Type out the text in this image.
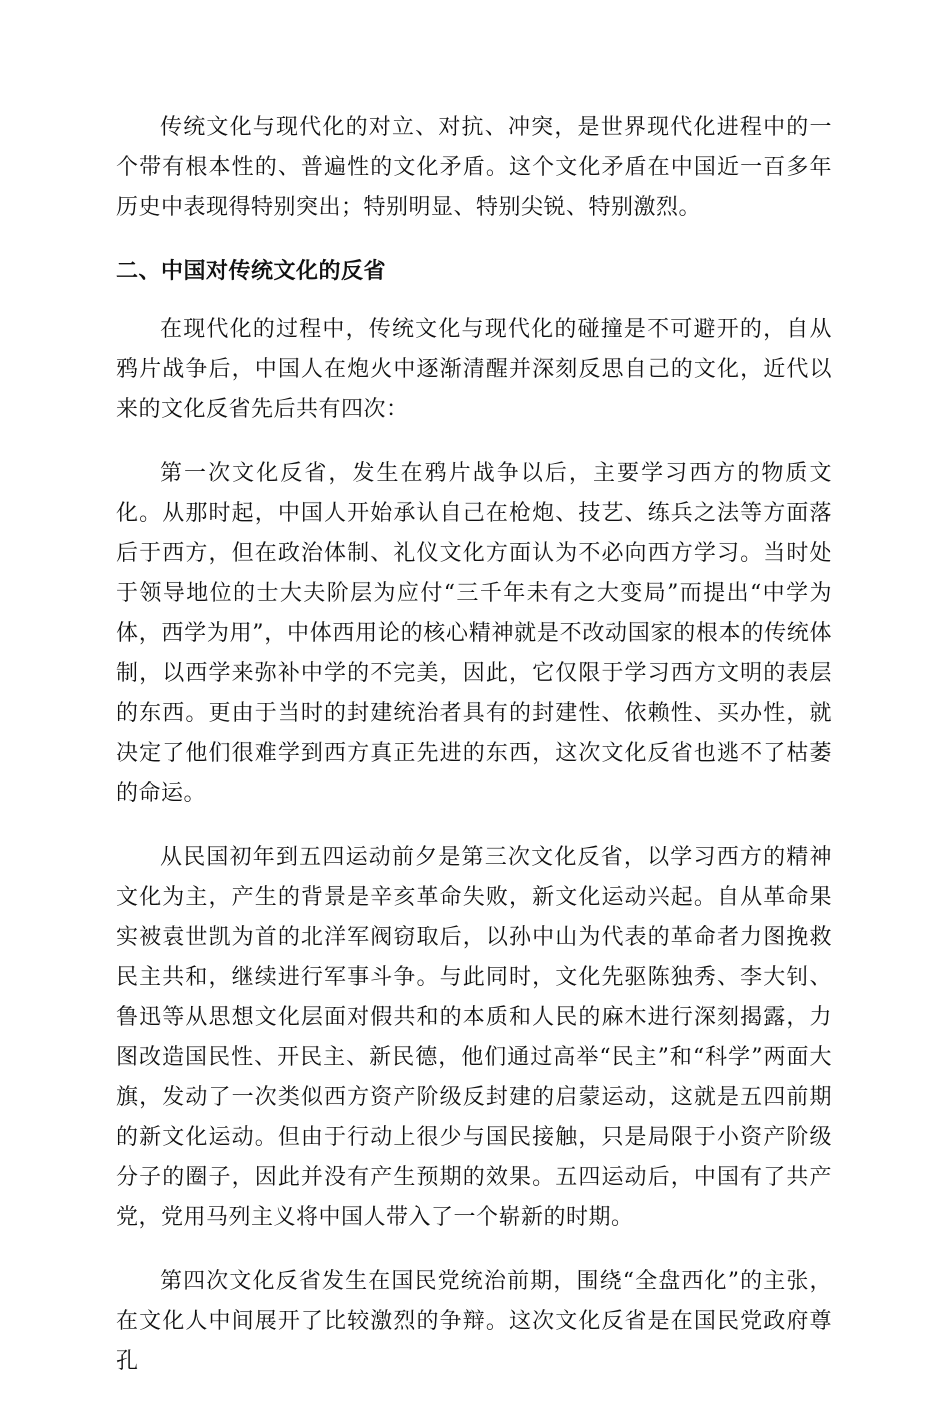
传统文化与现代化的对立、对抗、冲突，是世界现代化进程中的一个带有根本性的、普遍性的文化矛盾。这个文化矛盾在中国近一百多年历史中表现得特别突出；特别明显、特别尖锐、特别激烈。

二、中国对传统文化的反省

在现代化的过程中，传统文化与现代化的碰撞是不可避开的，自从鸦片战争后，中国人在炮火中逐渐清醒并深刻反思自己的文化，近代以来的文化反省先后共有四次：

第一次文化反省，发生在鸦片战争以后，主要学习西方的物质文化。从那时起，中国人开始承认自己在枪炮、技艺、练兵之法等方面落后于西方，但在政治体制、礼仪文化方面认为不必向西方学习。当时处于领导地位的士大夫阶层为应付“三千年未有之大变局”而提出“中学为体，西学为用”，中体西用论的核心精神就是不改动国家的根本的传统体制，以西学来弥补中学的不完美，因此，它仅限于学习西方文明的表层的东西。更由于当时的封建统治者具有的封建性、依赖性、买办性，就决定了他们很难学到西方真正先进的东西，这次文化反省也逃不了枯萎的命运。

从民国初年到五四运动前夕是第三次文化反省，以学习西方的精神文化为主，产生的背景是辛亥革命失败，新文化运动兴起。自从革命果实被袁世凯为首的北洋军阀窃取后，以孙中山为代表的革命者力图挽救民主共和，继续进行军事斗争。与此同时，文化先驱陈独秀、李大钊、鲁迅等从思想文化层面对假共和的本质和人民的麻木进行深刻揭露，力图改造国民性、开民主、新民德，他们通过高举“民主”和“科学”两面大旗，发动了一次类似西方资产阶级反封建的启蒙运动，这就是五四前期的新文化运动。但由于行动上很少与国民接触，只是局限于小资产阶级分子的圈子，因此并没有产生预期的效果。五四运动后，中国有了共产党，党用马列主义将中国人带入了一个崭新的时期。

第四次文化反省发生在国民党统治前期，围绕“全盘西化”的主张，在文化人中间展开了比较激烈的争辩。这次文化反省是在国民党政府尊孔
